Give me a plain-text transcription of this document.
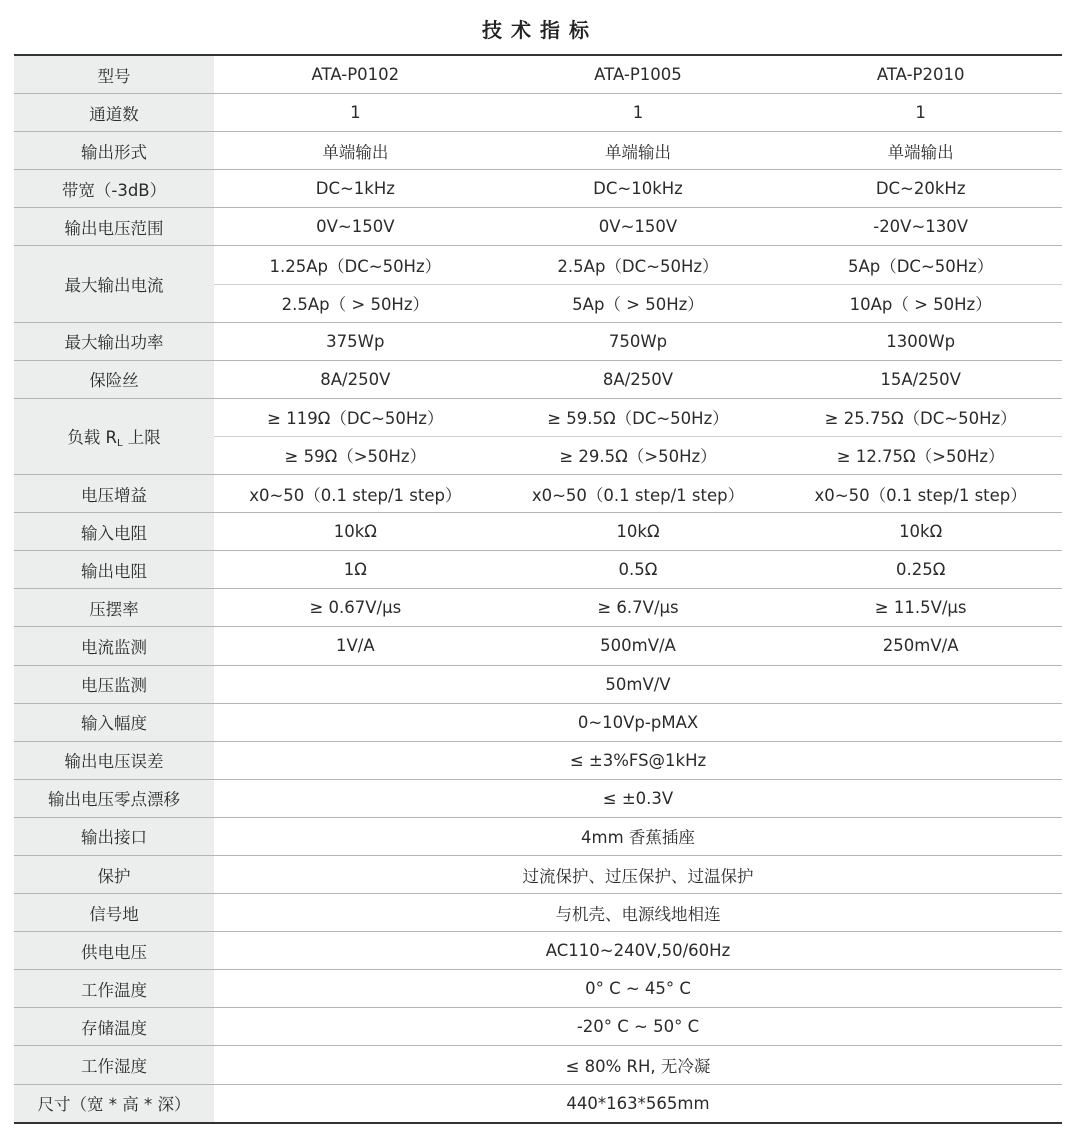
技术指标
型号	ATA-P0102	ATA-P1005	ATA-P2010
通道数	1	1	1
输出形式	单端输出	单端输出	单端输出
带宽（-3dB）	DC~1kHz	DC~10kHz	DC~20kHz
输出电压范围	0V~150V	0V~150V	-20V~130V
最大输出电流	1.25Ap（DC~50Hz）	2.5Ap（DC~50Hz）	5Ap（DC~50Hz）
	2.5Ap（ > 50Hz）	5Ap（ > 50Hz）	10Ap（ > 50Hz）
最大输出功率	375Wp	750Wp	1300Wp
保险丝	8A/250V	8A/250V	15A/250V
负载 $R_L$ 上限	≥ 119Ω（DC~50Hz）	≥ 59.5Ω（DC~50Hz）	≥ 25.75Ω（DC~50Hz）
	≥ 59Ω（>50Hz）	≥ 29.5Ω（>50Hz）	≥ 12.75Ω（>50Hz）
电压增益	x0~50（0.1 step/1 step）	x0~50（0.1 step/1 step）	x0~50（0.1 step/1 step）
输入电阻	10kΩ	10kΩ	10kΩ
输出电阻	1Ω	0.5Ω	0.25Ω
压摆率	≥ 0.67V/μs	≥ 6.7V/μs	≥ 11.5V/μs
电流监测	1V/A	500mV/A	250mV/A
电压监测	50mV/V		
输入幅度	0~10Vp-pMAX		
输出电压误差	≤ ±3%FS@1kHz		
输出电压零点漂移	≤ ±0.3V		
输出接口	4mm 香蕉插座		
保护	过流保护、过压保护、过温保护		
信号地	与机壳、电源线地相连		
供电电压	AC110~240V,50/60Hz		
工作温度	0° C ~ 45° C		
存储温度	-20° C ~ 50° C		
工作湿度	≤ 80% RH, 无冷凝		
尺寸（宽 * 高 * 深）	440*163*565mm		
